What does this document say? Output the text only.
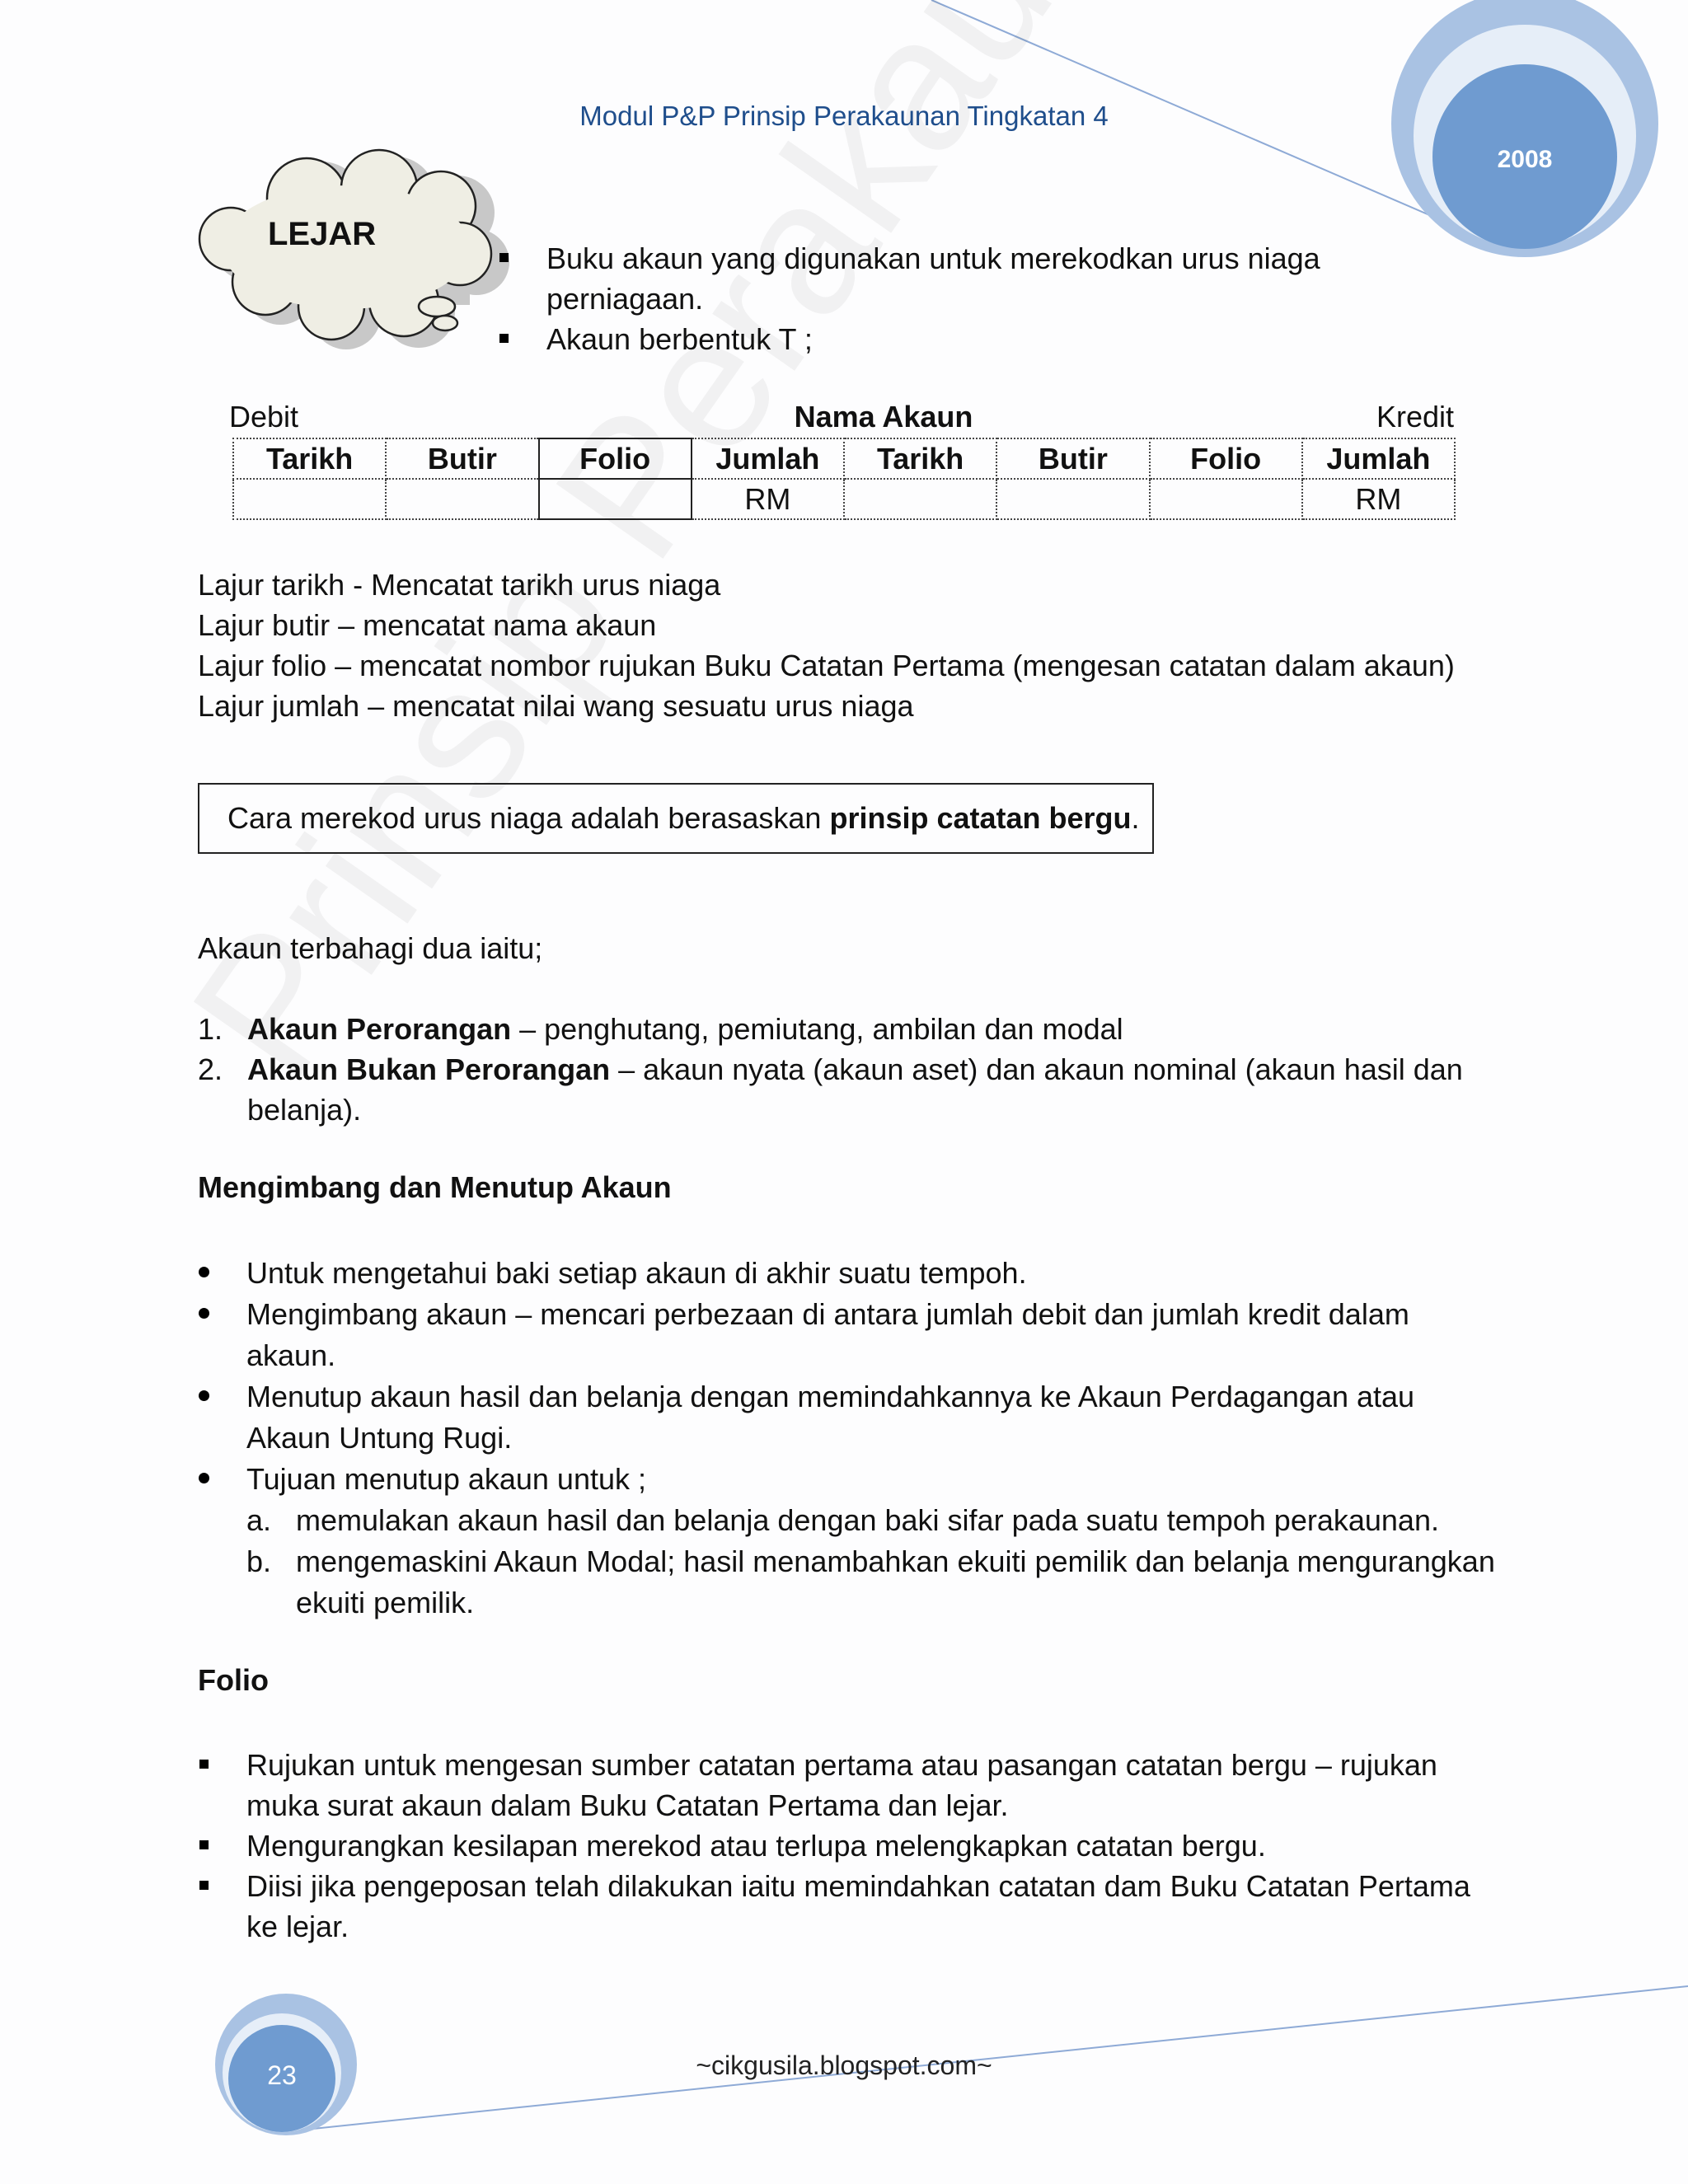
Modul P&P Prinsip Perakaunan Tingkatan 4
2008
LEJAR
Buku akaun yang digunakan untuk merekodkan urus niaga perniagaan.
Akaun berbentuk T ;
Debit	Nama Akaun	Kredit
Tarikh	Butir	Folio	Jumlah	Tarikh	Butir	Folio	Jumlah
			RM				RM
Lajur tarikh - Mencatat tarikh urus niaga
Lajur butir – mencatat nama akaun
Lajur folio – mencatat nombor rujukan Buku Catatan Pertama (mengesan catatan dalam akaun)
Lajur jumlah – mencatat nilai wang sesuatu urus niaga
Cara merekod urus niaga adalah berasaskan prinsip catatan bergu.
Akaun terbahagi dua iaitu;
1. Akaun Perorangan – penghutang, pemiutang, ambilan dan modal
2. Akaun Bukan Perorangan – akaun nyata (akaun aset) dan akaun nominal (akaun hasil dan belanja).
Mengimbang dan Menutup Akaun
Untuk mengetahui baki setiap akaun di akhir suatu tempoh.
Mengimbang akaun – mencari perbezaan di antara jumlah debit dan jumlah kredit dalam akaun.
Menutup akaun hasil dan belanja dengan memindahkannya ke Akaun Perdagangan atau Akaun Untung Rugi.
Tujuan menutup akaun untuk ;
a. memulakan akaun hasil dan belanja dengan baki sifar pada suatu tempoh perakaunan.
b. mengemaskini Akaun Modal; hasil menambahkan ekuiti pemilik dan belanja mengurangkan ekuiti pemilik.
Folio
Rujukan untuk mengesan sumber catatan pertama atau pasangan catatan bergu – rujukan muka surat akaun dalam Buku Catatan Pertama dan lejar.
Mengurangkan kesilapan merekod atau terlupa melengkapkan catatan bergu.
Diisi jika pengeposan telah dilakukan iaitu memindahkan catatan dam Buku Catatan Pertama ke lejar.
23	~cikgusila.blogspot.com~
